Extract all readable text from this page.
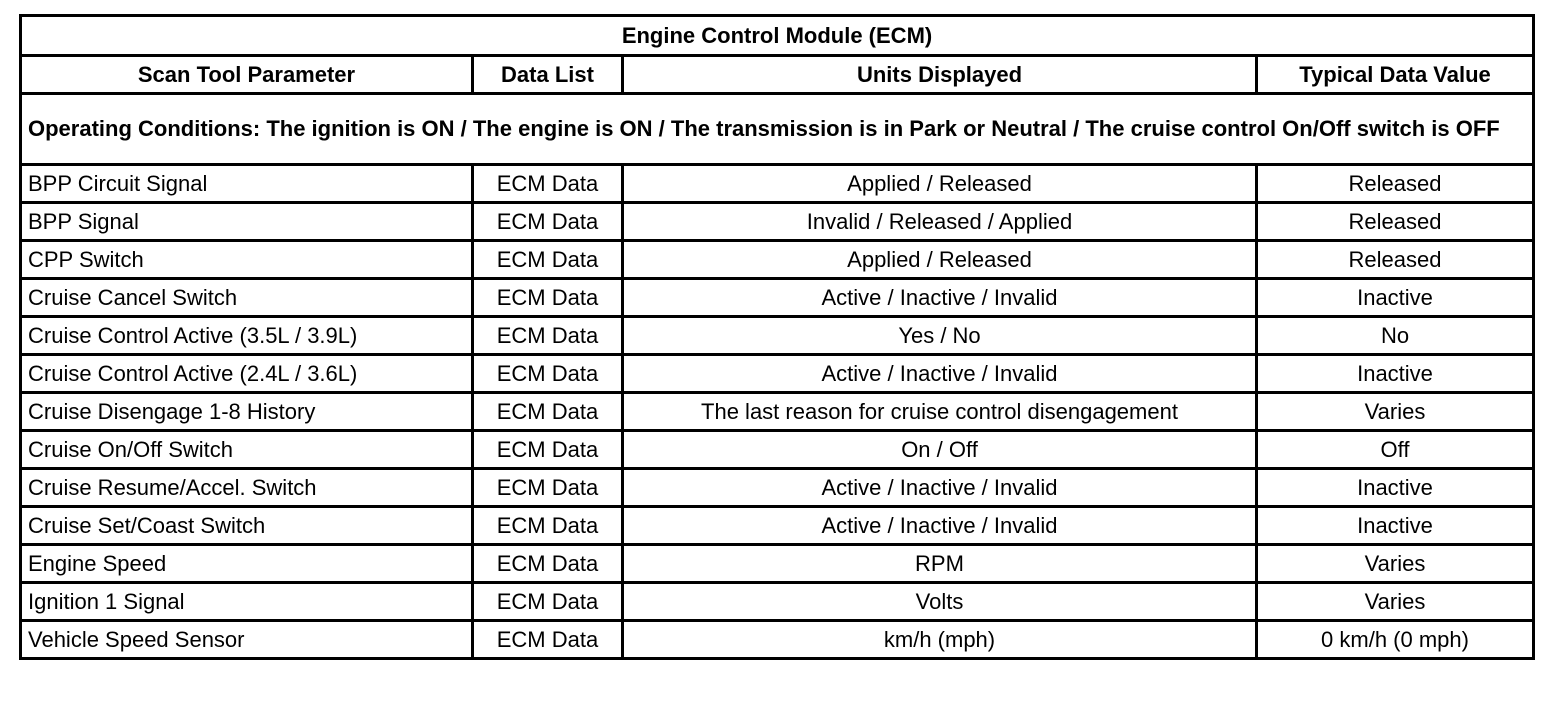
Engine Control Module (ECM)			
Scan Tool Parameter	Data List	Units Displayed	Typical Data Value
Operating Conditions: The ignition is ON / The engine is ON / The transmission is in Park or Neutral / The cruise control On/Off switch is OFF			
BPP Circuit Signal	ECM Data	Applied / Released	Released
BPP Signal	ECM Data	Invalid / Released / Applied	Released
CPP Switch	ECM Data	Applied / Released	Released
Cruise Cancel Switch	ECM Data	Active / Inactive / Invalid	Inactive
Cruise Control Active (3.5L / 3.9L)	ECM Data	Yes / No	No
Cruise Control Active (2.4L / 3.6L)	ECM Data	Active / Inactive / Invalid	Inactive
Cruise Disengage 1-8 History	ECM Data	The last reason for cruise control disengagement	Varies
Cruise On/Off Switch	ECM Data	On / Off	Off
Cruise Resume/Accel. Switch	ECM Data	Active / Inactive / Invalid	Inactive
Cruise Set/Coast Switch	ECM Data	Active / Inactive / Invalid	Inactive
Engine Speed	ECM Data	RPM	Varies
Ignition 1 Signal	ECM Data	Volts	Varies
Vehicle Speed Sensor	ECM Data	km/h (mph)	0 km/h (0 mph)
